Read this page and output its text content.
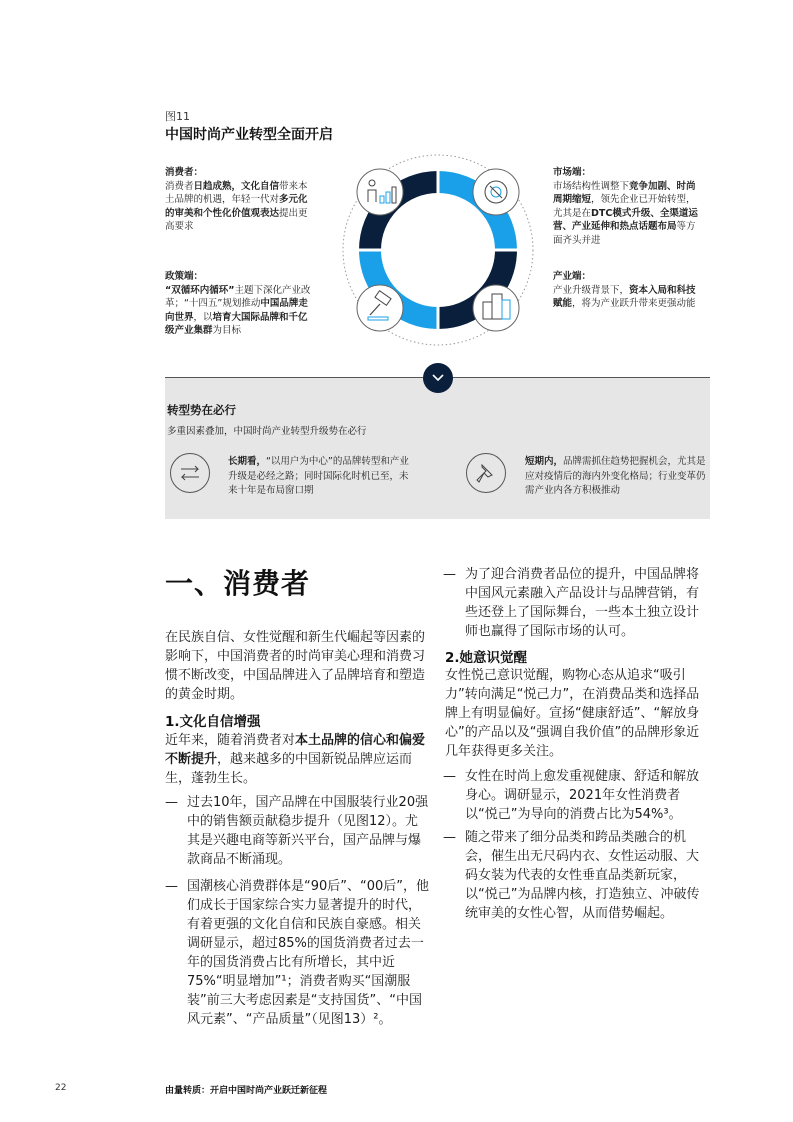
图11
中国时尚产业转型全面开启
消费者：
消费者日趋成熟，文化自信带来本土品牌的机遇，年轻一代对多元化的审美和个性化价值观表达提出更高要求
市场端：
市场结构性调整下竞争加剧、时尚周期缩短，领先企业已开始转型，尤其是在DTC模式升级、全渠道运营、产业延伸和热点话题布局等方面齐头并进
政策端：
“双循环内循环”主题下深化产业改革；“十四五”规划推动中国品牌走向世界，以培育大国际品牌和千亿级产业集群为目标
产业端：
产业升级背景下，资本入局和科技赋能，将为产业跃升带来更强动能
转型势在必行
多重因素叠加，中国时尚产业转型升级势在必行
长期看，“以用户为中心”的品牌转型和产业升级是必经之路；同时国际化时机已至，未来十年是布局窗口期
短期内，品牌需抓住趋势把握机会，尤其是应对疫情后的海内外变化格局；行业变革仍需产业内各方积极推动
一、消费者
在民族自信、女性觉醒和新生代崛起等因素的影响下，中国消费者的时尚审美心理和消费习惯不断改变，中国品牌进入了品牌培育和塑造的黄金时期。
1.文化自信增强
近年来，随着消费者对本土品牌的信心和偏爱不断提升，越来越多的中国新锐品牌应运而生，蓬勃生长。
— 过去10年，国产品牌在中国服装行业20强中的销售额贡献稳步提升（见图12）。尤其是兴趣电商等新兴平台，国产品牌与爆款商品不断涌现。
— 国潮核心消费群体是“90后”、“00后”，他们成长于国家综合实力显著提升的时代，有着更强的文化自信和民族自豪感。相关调研显示，超过85%的国货消费者过去一年的国货消费占比有所增长，其中近75%“明显增加”¹；消费者购买“国潮服装”前三大考虑因素是“支持国货”、“中国风元素”、“产品质量”（见图13）²。
— 为了迎合消费者品位的提升，中国品牌将中国风元素融入产品设计与品牌营销，有些还登上了国际舞台，一些本土独立设计师也赢得了国际市场的认可。
2.她意识觉醒
女性悦己意识觉醒，购物心态从追求“吸引力”转向满足“悦己力”，在消费品类和选择品牌上有明显偏好。宣扬“健康舒适”、“解放身心”的产品以及“强调自我价值”的品牌形象近几年获得更多关注。
— 女性在时尚上愈发重视健康、舒适和解放身心。调研显示，2021年女性消费者以“悦己”为导向的消费占比为54%³。
— 随之带来了细分品类和跨品类融合的机会，催生出无尺码内衣、女性运动服、大码女装为代表的女性垂直品类新玩家，以“悦己”为品牌内核，打造独立、冲破传统审美的女性心智，从而借势崛起。
22	由量转质：开启中国时尚产业跃迁新征程
